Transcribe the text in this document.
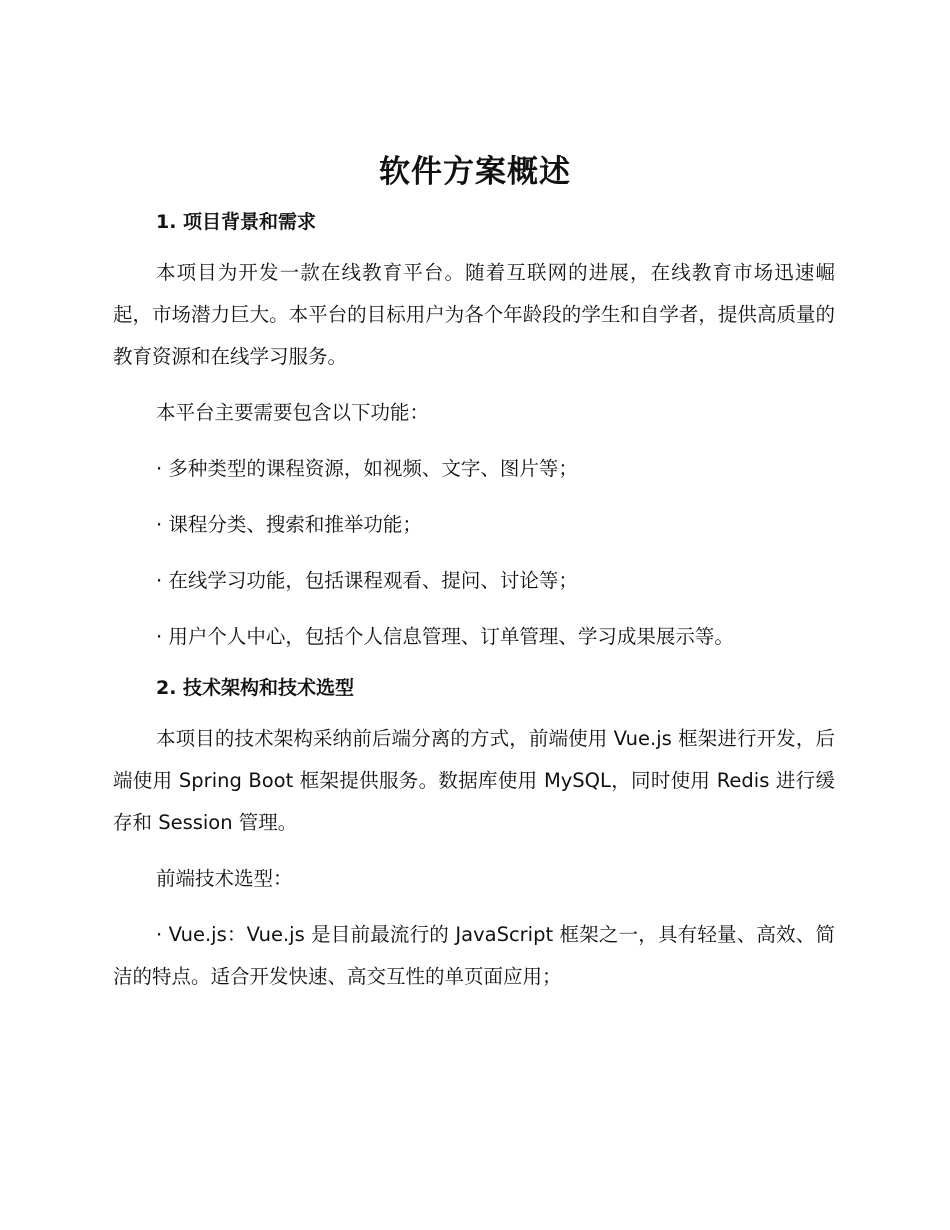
软件方案概述
1. 项目背景和需求

本项目为开发一款在线教育平台。随着互联网的进展，在线教育市场迅速崛起，市场潜力巨大。本平台的目标用户为各个年龄段的学生和自学者，提供高质量的教育资源和在线学习服务。

本平台主要需要包含以下功能：

· 多种类型的课程资源，如视频、文字、图片等；

· 课程分类、搜索和推举功能；

· 在线学习功能，包括课程观看、提问、讨论等；

· 用户个人中心，包括个人信息管理、订单管理、学习成果展示等。

2. 技术架构和技术选型

本项目的技术架构采纳前后端分离的方式，前端使用 Vue.js 框架进行开发，后端使用 Spring Boot 框架提供服务。数据库使用 MySQL，同时使用 Redis 进行缓存和 Session 管理。

前端技术选型：

· Vue.js：Vue.js 是目前最流行的 JavaScript 框架之一，具有轻量、高效、简洁的特点。适合开发快速、高交互性的单页面应用；
